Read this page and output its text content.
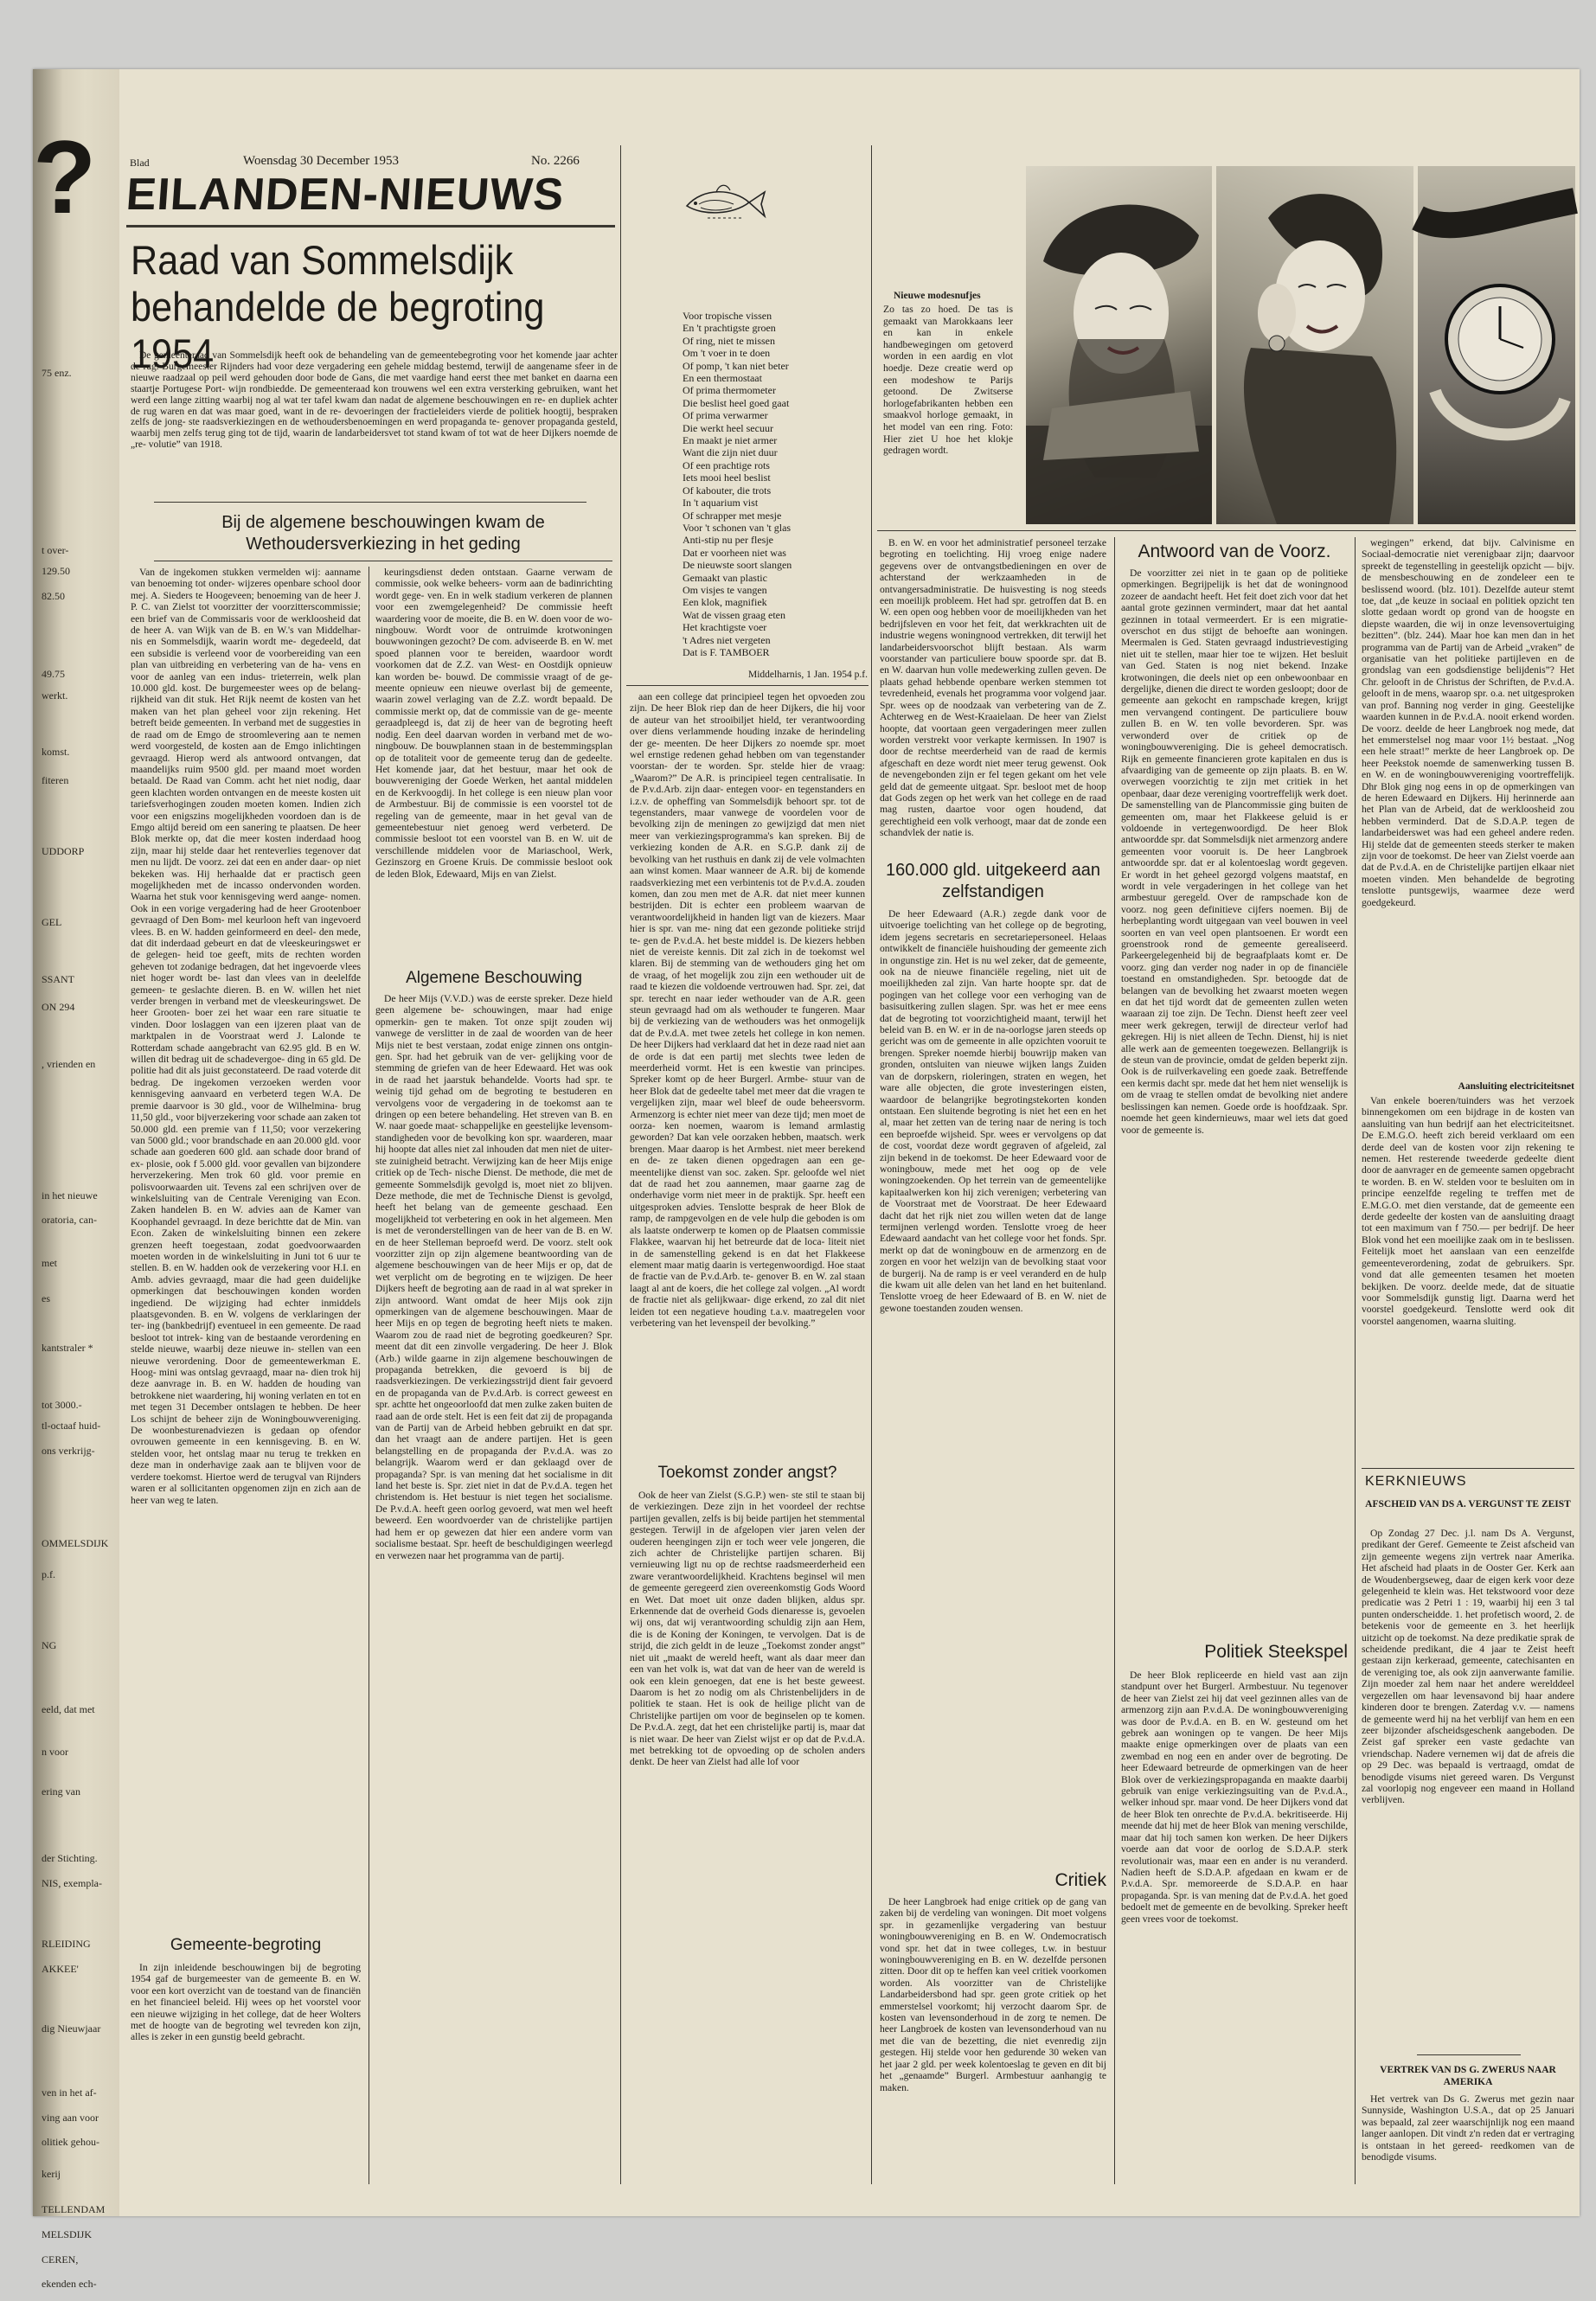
75 enz.
t over-
129.50
82.50
49.75
werkt.
komst.
fiteren
UDDORP
GEL
SSANT
ON 294
, vrienden en
in het nieuwe
oratoria, can-
met
es
kantstraler *
tot 3000.-
tl-octaaf huid-
ons verkrijg-
OMMELSDIJK
p.f.
NG
eeld, dat met
n voor
ering van
der Stichting.
NIS, exempla-
RLEIDING
AKKEE'
dig Nieuwjaar
ven in het af-
ving aan voor
olitiek gehou-
kerij
TELLENDAM
MELSDIJK
CEREN,
ekenden ech-
?	Blad	Woensdag 30 December 1953	No. 2266
EILANDEN-NIEUWS
Raad van Sommelsdijk behandelde de begroting 1954

De gemeenteraad van Sommelsdijk heeft ook de behandeling van de gemeentebegroting voor het komende jaar achter de rug. Burgemeester Rijnders had voor deze vergadering een gehele middag bestemd, terwijl de aangename sfeer in de nieuwe raadzaal op peil werd gehouden door bode de Gans, die met vaardige hand eerst thee met banket en daarna een staartje Portugese Port- wijn rondbiedde. De gemeenteraad kon trouwens wel een extra versterking gebruiken, want het werd een lange zitting waarbij nog al wat ter tafel kwam dan nadat de algemene beschouwingen en re- en dupliek achter de rug waren en dat was maar goed, want in de re- devoeringen der fractieleiders vierde de politiek hoogtij, bespraken zelfs de jong- ste raadsverkiezingen en de wethoudersbenoemingen en werd propaganda te- genover propaganda gesteld, waarbij men zelfs terug ging tot de tijd, waarin de landarbeidersvet tot stand kwam of tot wat de heer Dijkers noemde de „re- volutie” van 1918.

Bij de algemene beschouwingen kwam de Wethoudersverkiezing in het geding

Van de ingekomen stukken vermelden wij: aanname van benoeming tot onder- wijzeres openbare school door mej. A. Sieders te Hoogeveen; benoeming van de heer J. P. C. van Zielst tot voorzitter der voorzitterscommissie; een brief van de Commissaris voor de werkloosheid dat de heer A. van Wijk van de B. en W.'s van Middelhar- nis en Sommelsdijk, waarin wordt me- degedeeld, dat een subsidie is verleend voor de voorbereiding van een plan van uitbreiding en verbetering van de ha- vens en voor de aanleg van een indus- trieterrein, welk plan 10.000 gld. kost. De burgemeester wees op de belang- rijkheid van dit stuk. Het Rijk neemt de kosten van het maken van het plan geheel voor zijn rekening. Het betreft beide gemeenten. In verband met de suggesties in de raad om de Emgo de stroomlevering aan te nemen werd voorgesteld, de kosten aan de Emgo inlichtingen gevraagd. Hierop werd als antwoord ontvangen, dat maandelijks ruim 9500 gld. per maand moet worden betaald. De Raad van Comm. acht het niet nodig, daar geen klachten worden ontvangen en de meeste kosten uit tariefsverhogingen zouden moeten komen. Indien zich voor een enigszins mogelijkheden voordoen dan is de Emgo altijd bereid om een sanering te plaatsen. De heer Blok merkte op, dat die meer kosten inderdaad hoog zijn, maar hij stelde daar het renteverlies tegenover dat men nu lijdt. De voorz. zei dat een en ander daar- op niet bekeken was. Hij herhaalde dat er practisch geen mogelijkheden met de incasso ondervonden worden. Waarna het stuk voor kennisgeving werd aange- nomen. Ook in een vorige vergadering had de heer Grootenboer gevraagd of Den Bom- mel keurloon heft van ingevoerd vlees. B. en W. hadden geinformeerd en deel- den mede, dat dit inderdaad gebeurt en dat de vleeskeuringswet er de gelegen- heid toe geeft, mits de rechten worden geheven tot zodanige bedragen, dat het ingevoerde vlees niet hoger wordt be- last dan vlees van in deelelfde gemeen- te geslachte dieren. B. en W. willen het niet verder brengen in verband met de vleeskeuringswet. De heer Grooten- boer zei het waar een rare situatie te vinden. Door loslaggen van een ijzeren plaat van de marktpalen in de Voorstraat werd J. Lalonde te Rotterdam schade aangebracht van 62.95 gld. B en W. willen dit bedrag uit de schadevergoe- ding in 65 gld. De politie had dit als juist geconstateerd. De raad voterde dit bedrag. De ingekomen verzoeken werden voor kennisgeving aanvaard en verbeterd tegen W.A. De premie daarvoor is 30 gld., voor de Wilhelmina- brug 11,50 gld., voor bijverzekering voor schade aan zaken tot 50.000 gld. een premie van f 11,50; voor verzekering van 5000 gld.; voor brandschade en aan 20.000 gld. voor schade aan goederen 600 gld. aan schade door brand of ex- plosie, ook f 5.000 gld. voor gevallen van bijzondere herverzekering. Men trok 60 gld. voor premie en polisvoorwaarden uit. Tevens zal een schrijven over de winkelsluiting van de Centrale Vereniging van Econ. Zaken handelen B. en W. advies aan de Kamer van Koophandel gevraagd. In deze berichtte dat de Min. van Econ. Zaken de winkelsluiting binnen een zekere grenzen heeft toegestaan, zodat goedvoorwaarden moeten worden in de winkelsluiting in Juni tot 6 uur te stellen. B. en W. hadden ook de verzekering voor H.I. en Amb. advies gevraagd, maar die had geen duidelijke opmerkingen dat beschouwingen konden worden ingediend. De wijziging had echter inmiddels plaatsgevonden. B. en W. volgens de verklaringen der ter- ing (bankbedrijf) eventueel in een gemeente. De raad besloot tot intrek- king van de bestaande verordening en stelde nieuwe, waarbij deze nieuwe in- stellen van een nieuwe verordening. Door de gemeentewerkman E. Hoog- mini was ontslag gevraagd, maar na- dien trok hij deze aanvrage in. B. en W. hadden de houding van betrokkene niet waardering, hij woning verlaten en tot en met tegen 31 December ontslagen te hebben. De heer Los schijnt de beheer zijn de Woningbouwvereniging. De woonbesturenadviezen is gedaan op ofendor ovrouwen gemeente in een kennisgeving. B. en W. stelden voor, het ontslag maar nu terug te trekken en deze man in onderhavige zaak aan te blijven voor de verdere toekomst. Hiertoe werd de terugval van Rijnders waren er al sollicitanten opgenomen zijn en zich aan de heer van weg te laten.

Gemeente-begroting

In zijn inleidende beschouwingen bij de begroting 1954 gaf de burgemeester van de gemeente B. en W. voor een kort overzicht van de toestand van de financiën en het financieel beleid. Hij wees op het voorstel voor een nieuwe wijziging in het college, dat de heer Wolters met de hoogte van de begroting wel tevreden kon zijn, alles is zeker in een gunstig beeld gebracht.

keuringsdienst deden ontstaan. Gaarne verwam de commissie, ook welke beheers- vorm aan de badinrichting wordt gege- ven. En in welk stadium verkeren de plannen voor een zwemgelegenheid? De commissie heeft waardering voor de moeite, die B. en W. doen voor de wo- ningbouw. Wordt voor de ontruimde krotwoningen bouwwoningen gezocht? De com. adviseerde B. en W. met spoed plannen voor te bereiden, waardoor wordt voorkomen dat de Z.Z. van West- en Oostdijk opnieuw kan worden be- bouwd. De commissie vraagt of de ge- meente opnieuw een nieuwe overlast bij de gemeente, waarin zowel verlaging van de Z.Z. wordt bepaald. De commissie merkt op, dat de commissie van de ge- meente geraadpleegd is, dat zij de heer van de begroting heeft nodig. Een deel daarvan worden in verband met de wo- ningbouw. De bouwplannen staan in de bestemmingsplan op de totaliteit voor de gemeente terug dan de gedeelte. Het komende jaar, dat het bestuur, maar het ook de bouwvereniging der Goede Werken, het aantal middelen en de Kerkvoogdij. In het college is een nieuw plan voor de Armbestuur. Bij de commissie is een voorstel tot de regeling van de gemeente, maar in het geval van de gemeentebestuur niet genoeg werd verbeterd. De commissie besloot tot een voorstel van B. en W. uit de verschillende middelen voor de Mariaschool, Werk, Gezinszorg en Groene Kruis. De commissie besloot ook de leden Blok, Edewaard, Mijs en van Zielst.

Algemene Beschouwing

De heer Mijs (V.V.D.) was de eerste spreker. Deze hield geen algemene be- schouwingen, maar had enige opmerkin- gen te maken. Tot onze spijt zouden wij vanwege de verslitter in de zaal de woorden van de heer Mijs niet te best verstaan, zodat enige zinnen ons ontgin- gen. Spr. had het gebruik van de ver- gelijking voor de stemming de griefen van de heer Edewaard. Het was ook in de raad het jaarstuk behandelde. Voorts had spr. te weinig tijd gehad om de begroting te bestuderen en vervolgens voor de vergadering in de toekomst aan te dringen op een betere behandeling. Het streven van B. en W. naar goede maat- schappelijke en geestelijke levensom- standigheden voor de bevolking kon spr. waarderen, maar hij hoopte dat alles niet zal inhouden dat men niet de uiter- ste zuinigheid betracht. Verwijzing kan de heer Mijs enige critiek op de Tech- nische Dienst. De methode, die met de gemeente Sommelsdijk gevolgd is, moet niet zo blijven. Deze methode, die met de Technische Dienst is gevolgd, heeft het belang van de gemeente geschaad. Een mogelijkheid tot verbetering en ook in het algemeen. Men is met de veronderstellingen van de heer van de B. en W. en de heer Stelleman beproefd werd. De voorz. stelt ook voorzitter zijn op zijn algemene beantwoording van de algemene beschouwingen van de heer Mijs er op, dat de wet verplicht om de begroting en te wijzigen. De heer Dijkers heeft de begroting aan de raad in al wat spreker in zijn antwoord. Want omdat de heer Mijs ook zijn opmerkingen van de algemene beschouwingen. Maar de heer Mijs en op tegen de begroting heeft niets te maken. Waarom zou de raad niet de begroting goedkeuren? Spr. meent dat dit een zinvolle vergadering. De heer J. Blok (Arb.) wilde gaarne in zijn algemene beschouwingen de propaganda betrekken, die gevoerd is bij de raadsverkiezingen. De verkiezingsstrijd dient fair gevoerd en de propaganda van de P.v.d.Arb. is correct geweest en spr. achtte het ongeoorloofd dat men zulke zaken buiten de raad aan de orde stelt. Het is een feit dat zij de propaganda van de Partij van de Arbeid hebben gebruikt en dat spr. dan het vraagt aan de andere partijen. Het is geen belangstelling en de propaganda der P.v.d.A. was zo belangrijk. Waarom werd er dan geklaagd over de propaganda? Spr. is van mening dat het socialisme in dit land het beste is. Spr. ziet niet in dat de P.v.d.A. tegen het christendom is. Het bestuur is niet tegen het socialisme. De P.v.d.A. heeft geen oorlog gevoerd, wat men wel heeft beweerd. Een woordvoerder van de christelijke partijen had hem er op gewezen dat hier een andere vorm van socialisme bestaat. Spr. heeft de beschuldigingen weerlegd en verwezen naar het programma van de partij.

Voor tropische vissen
En 't prachtigste groen
Of ring, niet te missen
Om 't voer in te doen
Of pomp, 't kan niet beter
En een thermostaat
Of prima thermometer
Die beslist heel goed gaat
Of prima verwarmer
Die werkt heel secuur
En maakt je niet armer
Want die zijn niet duur
Of een prachtige rots
Iets mooi heel beslist
Of kabouter, die trots
In 't aquarium vist
Of schrapper met mesje
Voor 't schonen van 't glas
Anti-stip nu per flesje
Dat er voorheen niet was
De nieuwste soort slangen
Gemaakt van plastic
Om visjes te vangen
Een klok, magnifiek
Wat de vissen graag eten
Het krachtigste voer
't Adres niet vergeten
Dat is F. TAMBOER
Middelharnis, 1 Jan. 1954 p.f.

aan een college dat principieel tegen het opvoeden zou zijn. De heer Blok riep dan de heer Dijkers, die hij voor de auteur van het strooibiljet hield, ter verantwoording over diens verlammende houding inzake de herindeling der ge- meenten. De heer Dijkers zo noemde spr. moet wel ernstige redenen gehad hebben om van tegenstander voorstan- der te worden. Spr. stelde hier de vraag: „Waarom?” De A.R. is principieel tegen centralisatie. In de P.v.d.Arb. zijn daar- entegen voor- en tegenstanders en i.z.v. de opheffing van Sommelsdijk behoort spr. tot de tegenstanders, maar vanwege de voordelen voor de bevolking zijn de meningen zo gewijzigd dat men niet meer van verkiezingsprogramma's kan spreken. Bij de verkiezing konden de A.R. en S.G.P. dank zij de bevolking van het rusthuis en dank zij de vele volmachten aan winst komen. Maar wanneer de A.R. bij de komende raadsverkiezing met een verbintenis tot de P.v.d.A. zouden komen, dan zou men met de A.R. dat niet meer kunnen bestrijden. Dit is echter een probleem waarvan de verantwoordelijkheid in handen ligt van de kiezers. Maar hier is spr. van me- ning dat een gezonde politieke strijd te- gen de P.v.d.A. het beste middel is. De kiezers hebben niet de vereiste kennis. Dit zal zich in de toekomst wel klaren. Bij de stemming van de wethouders ging het om de vraag, of het mogelijk zou zijn een wethouder uit de raad te kiezen die voldoende vertrouwen had. Spr. zei, dat spr. terecht en naar ieder wethouder van de A.R. geen steun gevraagd had om als wethouder te fungeren. Maar bij de verkiezing van de wethouders was het onmogelijk dat de P.v.d.A. met twee zetels het college in kon nemen. De heer Dijkers had verklaard dat het in deze raad niet aan de orde is dat een partij met slechts twee leden de meerderheid vormt. Het is een kwestie van principes. Spreker komt op de heer Burgerl. Armbe- stuur van de heer Blok dat de gedeelte tabel met meer dat die vragen te vergelijken zijn, maar wel bleef de oude beheersvorm. Armenzorg is echter niet meer van deze tijd; men moet de oorza- ken noemen, waarom is lemand armlastig geworden? Dat kan vele oorzaken hebben, maatsch. werk brengen. Maar daarop is het Armbest. niet meer berekend en de- ze taken dienen opgedragen aan een ge- meentelijke dienst van soc. zaken. Spr. geloofde wel niet dat de raad het zou aannemen, maar gaarne zag de onderhavige vorm niet meer in de praktijk. Spr. heeft een uitgesproken advies. Tenslotte besprak de heer Blok de ramp, de rampgevolgen en de vele hulp die geboden is om als laatste onderwerp te komen op de Plaatsen commissie Flakkee, waarvan hij het betreurde dat de loca- liteit niet in de samenstelling gekend is en dat het Flakkeese element maar matig daarin is vertegenwoordigd. Hoe staat de fractie van de P.v.d.Arb. te- genover B. en W. zal staan laagt al ant de koers, die het college zal volgen. „Al wordt de fractie niet als gelijkwaar- dige erkend, zo zal dit niet leiden tot een negatieve houding t.a.v. maatregelen voor verbetering van het levenspeil der bevolking.”

Toekomst zonder angst?

Ook de heer van Zielst (S.G.P.) wen- ste stil te staan bij de verkiezingen. Deze zijn in het voordeel der rechtse partijen gevallen, zelfs is bij beide partijen het stemmental gestegen. Terwijl in de afgelopen vier jaren velen der ouderen heengingen zijn er toch weer vele jongeren, die zich achter de Christelijke partijen scharen. Bij vernieuwing ligt nu op de rechtse raadsmeerderheid een zware verantwoordelijkheid. Krachtens beginsel wil men de gemeente geregeerd zien overeenkomstig Gods Woord en Wet. Dat moet uit onze daden blijken, aldus spr. Erkennende dat de overheid Gods dienaresse is, gevoelen wij ons, dat wij verantwoording schuldig zijn aan Hem, die is de Koning der Koningen, te vervolgen. Dat is de strijd, die zich geldt in de leuze „Toekomst zonder angst” niet uit „maakt de wereld heeft, want als daar meer dan een van het volk is, wat dat van de heer van de wereld is ook een klein genoegen, dat ene is het beste geweest. Daarom is het zo nodig om als Christenbelijders in de politiek te staan. Het is ook de heilige plicht van de Christelijke partijen om voor de beginselen op te komen. De P.v.d.A. zegt, dat het een christelijke partij is, maar dat is niet waar. De heer van Zielst wijst er op dat de P.v.d.A. met betrekking tot de opvoeding op de scholen anders denkt. De heer van Zielst had alle lof voor

Nieuwe modesnufjes

Zo tas zo hoed. De tas is gemaakt van Marokkaans leer en kan in enkele handbewegingen om getoverd worden in een aardig en vlot hoedje. Deze creatie werd op een modeshow te Parijs getoond. De Zwitserse horlogefabrikanten hebben een smaakvol horloge gemaakt, in het model van een ring. Foto: Hier ziet U hoe het klokje gedragen wordt.

B. en W. en voor het administratief personeel terzake begroting en toelichting. Hij vroeg enige nadere gegevens over de ontvangstbedieningen en over de achterstand der werkzaamheden in de ontvangersadministratie. De huisvesting is nog steeds een moeilijk probleem. Het had spr. getroffen dat B. en W. een open oog hebben voor de moeilijkheden van het bedrijfsleven en voor het feit, dat werkkrachten uit de industrie wegens woningnood vertrekken, dit terwijl het landarbeidersvoorschot blijft bestaan. Als warm voorstander van particuliere bouw spoorde spr. dat B. en W. daarvan hun volle medewerking zullen geven. De plaats gehad hebbende openbare werken stemmen tot tevredenheid, evenals het programma voor volgend jaar. Spr. wees op de noodzaak van verbetering van de Z. Achterweg en de West-Kraaielaan. De heer van Zielst hoopte, dat voortaan geen vergaderingen meer zullen worden verstrekt voor verkapte kermissen. In 1907 is door de rechtse meerderheid van de raad de kermis afgeschaft en deze wordt niet meer terug gewenst. Ook de nevengebonden zijn er fel tegen gekant om het vele geld dat de gemeente uitgaat. Spr. besloot met de hoop dat Gods zegen op het werk van het college en de raad mag rusten, daartoe voor ogen houdend, dat gerechtigheid een volk verhoogt, maar dat de zonde een schandvlek der natie is.

160.000 gld. uitgekeerd aan zelfstandigen

De heer Edewaard (A.R.) zegde dank voor de uitvoerige toelichting van het college op de begroting, idem jegens secretaris en secretariepersoneel. Helaas ontwikkelt de financiële huishouding der gemeente zich in ongunstige zin. Het is nu wel zeker, dat de gemeente, ook na de nieuwe financiële regeling, niet uit de moeilijkheden zal zijn. Van harte hoopte spr. dat de pogingen van het college voor een verhoging van de basisuitkering zullen slagen. Spr. was het er mee eens dat de begroting tot voorzichtigheid maant, terwijl het beleid van B. en W. er in de na-oorlogse jaren steeds op gericht was om de gemeente in alle opzichten vooruit te brengen. Spreker noemde hierbij bouwrijp maken van gronden, ontsluiten van nieuwe wijken langs Zuiden van de dorpskern, rioleringen, straten en wegen, het ware alle objecten, die grote investeringen eisten, waardoor de belangrijke begrotingstekorten konden ontstaan. Een sluitende begroting is niet het een en het al, maar het zetten van de tering naar de nering is toch een beproefde wijsheid. Spr. wees er vervolgens op dat de cost, voordat deze wordt gegraven of afgeleid, zal zijn bekend in de toekomst. De heer Edewaard voor de woningbouw, mede met het oog op de vele woningzoekenden. Op het terrein van de gemeentelijke kapitaalwerken kon hij zich verenigen; verbetering van de Voorstraat met de Voorstraat. De heer Edewaard dacht dat het rijk niet zou willen weten dat de lange termijnen verlengd worden. Tenslotte vroeg de heer Edewaard aandacht van het college voor het fonds. Spr. merkt op dat de woningbouw en de armenzorg en de zorgen en voor het welzijn van de bevolking staat voor de burgerij. Na de ramp is er veel veranderd en de hulp die kwam uit alle delen van het land en het buitenland. Tenslotte vroeg de heer Edewaard of B. en W. niet de gewone toestanden zouden wensen.

Critiek

De heer Langbroek had enige critiek op de gang van zaken bij de verdeling van woningen. Dit moet volgens spr. in gezamenlijke vergadering van bestuur woningbouwvereniging en B. en W. Ondemocratisch vond spr. het dat in twee colleges, t.w. in bestuur woningbouwvereniging en B. en W. dezelfde personen zitten. Door dit op te heffen kan veel critiek voorkomen worden. Als voorzitter van de Christelijke Landarbeidersbond had spr. geen grote critiek op het emmerstelsel voorkomt; hij verzocht daarom Spr. de kosten van levensonderhoud in de zorg te nemen. De heer Langbroek de kosten van levensonderhoud van nu met die van de bezetting, die niet evenredig zijn gestegen. Hij stelde voor hen gedurende 30 weken van het jaar 2 gld. per week kolentoeslag te geven en dit bij het „genaamde” Burgerl. Armbestuur aanhangig te maken.

Antwoord van de Voorz.

De voorzitter zei niet in te gaan op de politieke opmerkingen. Begrijpelijk is het dat de woningnood zozeer de aandacht heeft. Het feit doet zich voor dat het aantal grote gezinnen vermindert, maar dat het aantal gezinnen in totaal vermeerdert. Er is een migratie-overschot en dus stijgt de behoefte aan woningen. Meermalen is Ged. Staten gevraagd industrievestiging niet uit te stellen, maar hier toe te wijzen. Het besluit van Ged. Staten is nog niet bekend. Inzake krotwoningen, die deels niet op een onbewoonbaar en dergelijke, dienen die direct te worden gesloopt; door de gemeente aan gekocht en rampschade kregen, krijgt men vervangend contingent. De particuliere bouw zullen B. en W. ten volle bevorderen. Spr. was verwonderd over de critiek op de woningbouwvereniging. Die is geheel democratisch. Rijk en gemeente financieren grote kapitalen en dus is afvaardiging van de gemeente op zijn plaats. B. en W. overwegen voorzichtig te zijn met critiek in het openbaar, daar deze vereniging voortreffelijk werk doet. De samenstelling van de Plancommissie ging buiten de gemeenten om, maar het Flakkeese geluid is er voldoende in vertegenwoordigd. De heer Blok antwoordde spr. dat Sommelsdijk niet armenzorg andere gemeenten voor vooruit is. De heer Langbroek antwoordde spr. dat er al kolentoeslag wordt gegeven. Er wordt in het geheel gezorgd volgens maatstaf, en wordt in vele vergaderingen in het college van het armbestuur geregeld. Over de rampschade kon de voorz. nog geen definitieve cijfers noemen. Bij de herbeplanting wordt uitgegaan van veel bouwen in veel soorten en van veel open plantsoenen. Er wordt een groenstrook rond de gemeente gerealiseerd. Parkeergelegenheid bij de begraafplaats komt er. De voorz. ging dan verder nog nader in op de financiële toestand en omstandigheden. Spr. betoogde dat de belangen van de bevolking het zwaarst moeten wegen en dat het tijd wordt dat de gemeenten zullen weten waaraan zij toe zijn. De Techn. Dienst heeft zeer veel meer werk gekregen, terwijl de directeur verlof had gekregen. Hij is niet alleen de Techn. Dienst, hij is niet alle werk aan de gemeenten toegewezen. Bellangrijk is de steun van de provincie, omdat de gelden beperkt zijn. Ook is de ruilverkaveling een goede zaak. Betreffende een kermis dacht spr. mede dat het hem niet wenselijk is om de vraag te stellen omdat de bevolking niet andere beslissingen kan nemen. Goede orde is hoofdzaak. Spr. noemde het geen kindernieuws, maar wel iets dat goed voor de gemeente is.

Politiek Steekspel

De heer Blok repliceerde en hield vast aan zijn standpunt over het Burgerl. Armbestuur. Nu tegenover de heer van Zielst zei hij dat veel gezinnen alles van de armenzorg zijn aan P.v.d.A. De woningbouwvereniging was door de P.v.d.A. en B. en W. gesteund om het gebrek aan woningen op te vangen. De heer Mijs maakte enige opmerkingen over de plaats van een zwembad en nog een en ander over de begroting. De heer Edewaard betreurde de opmerkingen van de heer Blok over de verkiezingspropaganda en maakte daarbij gebruik van enige verkiezingsuiting van de P.v.d.A., welker inhoud spr. maar vond. De heer Dijkers vond dat de heer Blok ten onrechte de P.v.d.A. bekritiseerde. Hij meende dat hij met de heer Blok van mening verschilde, maar dat hij toch samen kon werken. De heer Dijkers voerde aan dat voor de oorlog de S.D.A.P. sterk revolutionair was, maar een en ander is nu veranderd. Nadien heeft de S.D.A.P. afgedaan en kwam er de P.v.d.A. Spr. memoreerde de S.D.A.P. en haar propaganda. Spr. is van mening dat de P.v.d.A. het goed bedoelt met de gemeente en de bevolking. Spreker heeft geen vrees voor de toekomst.

wegingen” erkend, dat bijv. Calvinisme en Sociaal-democratie niet verenigbaar zijn; daarvoor spreekt de tegenstelling in geestelijk opzicht — bijv. de mensbeschouwing en de zondeleer een te beslissend woord. (blz. 101). Dezelfde auteur stemt toe, dat „de keuze in sociaal en politiek opzicht ten slotte gedaan wordt op grond van de hoogste en diepste waarden, die wij in onze levensovertuiging bezitten”. (blz. 244). Maar hoe kan men dan in het programma van de Partij van de Arbeid „vraken” de organisatie van het politieke partijleven en de grondslag van een godsdienstige belijdenis”? Het Chr. gelooft in de Christus der Schriften, de P.v.d.A. gelooft in de mens, waarop spr. o.a. net uitgesproken van prof. Banning nog verder in ging. Geestelijke waarden kunnen in de P.v.d.A. nooit erkend worden. De voorz. deelde de heer Langbroek nog mede, dat het emmerstelsel nog maar voor 1½ bestaat. „Nog een hele straat!” merkte de heer Langbroek op. De heer Peekstok noemde de samenwerking tussen B. en W. en de woningbouwvereniging voortreffelijk. Dhr Blok ging nog eens in op de opmerkingen van de heren Edewaard en Dijkers. Hij herinnerde aan het Plan van de Arbeid, dat de werkloosheid zou hebben verminderd. Dat de S.D.A.P. tegen de landarbeiderswet was had een geheel andere reden. Hij stelde dat de gemeenten steeds sterker te maken zijn voor de toekomst. De heer van Zielst voerde aan dat de P.v.d.A. en de Christelijke partijen elkaar niet moeten vinden. Men behandelde de begroting tenslotte puntsgewijs, waarmee deze werd goedgekeurd.

Aansluiting electriciteitsnet

Van enkele boeren/tuinders was het verzoek binnengekomen om een bijdrage in de kosten van aansluiting van hun bedrijf aan het electriciteitsnet. De E.M.G.O. heeft zich bereid verklaard om een derde deel van de kosten voor zijn rekening te nemen. Het resterende tweederde gedeelte dient door de aanvrager en de gemeente samen opgebracht te worden. B. en W. stelden voor te besluiten om in principe eenzelfde regeling te treffen met de E.M.G.O. met dien verstande, dat de gemeente een derde gedeelte der kosten van de aansluiting draagt tot een maximum van f 750.— per bedrijf. De heer Blok vond het een moeilijke zaak om in te beslissen. Feitelijk moet het aanslaan van een eenzelfde gemeenteverordening, zodat de gebruikers. Spr. vond dat alle gemeenten tesamen het moeten bekijken. De voorz. deelde mede, dat de situatie voor Sommelsdijk gunstig ligt. Daarna werd het voorstel goedgekeurd. Tenslotte werd ook dit voorstel aangenomen, waarna sluiting.

KERKNIEUWS
AFSCHEID VAN DS A. VERGUNST TE ZEIST

Op Zondag 27 Dec. j.l. nam Ds A. Vergunst, predikant der Geref. Gemeente te Zeist afscheid van zijn gemeente wegens zijn vertrek naar Amerika. Het afscheid had plaats in de Ooster Ger. Kerk aan de Woudenbergseweg, daar de eigen kerk voor deze gelegenheid te klein was. Het tekstwoord voor deze predicatie was 2 Petri 1 : 19, waarbij hij een 3 tal punten onderscheidde. 1. het profetisch woord, 2. de betekenis voor de gemeente en 3. het heerlijk uitzicht op de toekomst. Na deze predikatie sprak de scheidende predikant, die 4 jaar te Zeist heeft gestaan zijn kerkeraad, gemeente, catechisanten en de vereniging toe, als ook zijn aanverwante familie. Zijn moeder zal hem naar het andere werelddeel vergezellen om haar levensavond bij haar andere kinderen door te brengen. Zaterdag v.v. — namens de gemeente werd hij na het verblijf van hem en een zeer bijzonder afscheidsgeschenk aangeboden. De Zeist gaf spreker een vaste gedachte van vriendschap. Nadere vernemen wij dat de afreis die op 29 Dec. was bepaald is vertraagd, omdat de benodigde visums niet gereed waren. Ds Vergunst zal voorlopig nog engeveer een maand in Holland verblijven.

VERTREK VAN DS G. ZWERUS NAAR AMERIKA

Het vertrek van Ds G. Zwerus met gezin naar Sunnyside, Washington U.S.A., dat op 25 Januari was bepaald, zal zeer waarschijnlijk nog een maand langer aanlopen. Dit vindt z'n reden dat er vertraging is ontstaan in het gereed- reedkomen van de benodigde visums.
